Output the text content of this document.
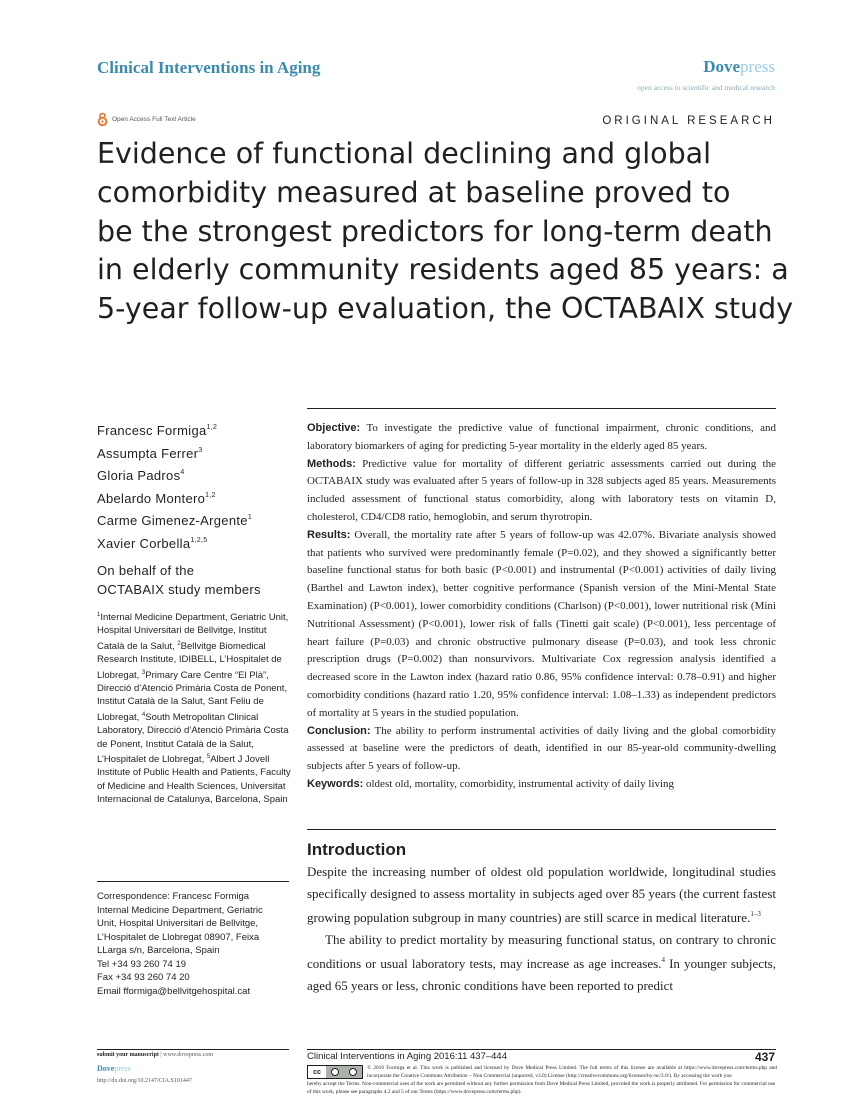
Clinical Interventions in Aging	Dovepress
open access to scientific and medical research
Open Access Full Text Article	ORIGINAL RESEARCH
Evidence of functional declining and global
comorbidity measured at baseline proved to
be the strongest predictors for long-term death
in elderly community residents aged 85 years: a
5-year follow-up evaluation, the OCTABAIX study
Francesc Formiga$^{1,2}$
Assumpta Ferrer$^3$
Gloria Padros$^4$
Abelardo Montero$^{1,2}$
Carme Gimenez-Argente$^1$
Xavier Corbella$^{1,2,5}$
On behalf of the
OCTABAIX study members
$^1$Internal Medicine Department, Geriatric Unit, Hospital Universitari de Bellvitge, Institut Català de la Salut, $^2$Bellvitge Biomedical Research Institute, IDIBELL, L’Hospitalet de Llobregat, $^3$Primary Care Centre “El Plà”, Direcció d’Atenció Primària Costa de Ponent, Institut Català de la Salut, Sant Feliu de Llobregat, $^4$South Metropolitan Clinical Laboratory, Direcció d’Atenció Primària Costa de Ponent, Institut Català de la Salut, L’Hospitalet de Llobregat, $^5$Albert J Jovell Institute of Public Health and Patients, Faculty of Medicine and Health Sciences, Universitat Internacional de Catalunya, Barcelona, Spain
Correspondence: Francesc Formiga
Internal Medicine Department, Geriatric
Unit, Hospital Universitari de Bellvitge,
L’Hospitalet de Llobregat 08907, Feixa
LLarga s/n, Barcelona, Spain
Tel +34 93 260 74 19
Fax +34 93 260 74 20
Email fformiga@bellvitgehospital.cat

Objective: To investigate the predictive value of functional impairment, chronic conditions, and laboratory biomarkers of aging for predicting 5-year mortality in the elderly aged 85 years.

Methods: Predictive value for mortality of different geriatric assessments carried out during the OCTABAIX study was evaluated after 5 years of follow-up in 328 subjects aged 85 years. Measurements included assessment of functional status comorbidity, along with laboratory tests on vitamin D, cholesterol, CD4/CD8 ratio, hemoglobin, and serum thyrotropin.

Results: Overall, the mortality rate after 5 years of follow-up was 42.07%. Bivariate analysis showed that patients who survived were predominantly female (P=0.02), and they showed a significantly better baseline functional status for both basic (P<0.001) and instrumental (P<0.001) activities of daily living (Barthel and Lawton index), better cognitive performance (Spanish version of the Mini-Mental State Examination) (P<0.001), lower comorbidity conditions (Charlson) (P<0.001), lower nutritional risk (Mini Nutritional Assessment) (P<0.001), lower risk of falls (Tinetti gait scale) (P<0.001), less percentage of heart failure (P=0.03) and chronic obstructive pulmonary disease (P=0.03), and took less chronic prescription drugs (P=0.002) than nonsurvivors. Multivariate Cox regression analysis identified a decreased score in the Lawton index (hazard ratio 0.86, 95% confidence interval: 0.78–0.91) and higher comorbidity conditions (hazard ratio 1.20, 95% confidence interval: 1.08–1.33) as independent predictors of mortality at 5 years in the studied population.

Conclusion: The ability to perform instrumental activities of daily living and the global comorbidity assessed at baseline were the predictors of death, identified in our 85-year-old community-dwelling subjects after 5 years of follow-up.

Keywords: oldest old, mortality, comorbidity, instrumental activity of daily living

Introduction

Despite the increasing number of oldest old population worldwide, longitudinal studies specifically designed to assess mortality in subjects aged over 85 years (the current fastest growing population subgroup in many countries) are still scarce in medical literature.$^{1-3}$

The ability to predict mortality by measuring functional status, on contrary to chronic conditions or usual laboratory tests, may increase as age increases.$^4$ In younger subjects, aged 65 years or less, chronic conditions have been reported to predict

submit your manuscript | www.dovepress.com
Dovepress
http://dx.doi.org/10.2147/CIA.S101447
Clinical Interventions in Aging 2016:11 437–444	437
cc
© 2016 Formiga et al. This work is published and licensed by Dove Medical Press Limited. The full terms of this license are available at https://www.dovepress.com/terms.php and incorporate the Creative Commons Attribution – Non Commercial (unported, v3.0) License (http://creativecommons.org/licenses/by-nc/3.0/). By accessing the work you
hereby accept the Terms. Non-commercial uses of the work are permitted without any further permission from Dove Medical Press Limited, provided the work is properly attributed. For permission for commercial use of this work, please see paragraphs 4.2 and 5 of our Terms (https://www.dovepress.com/terms.php).
